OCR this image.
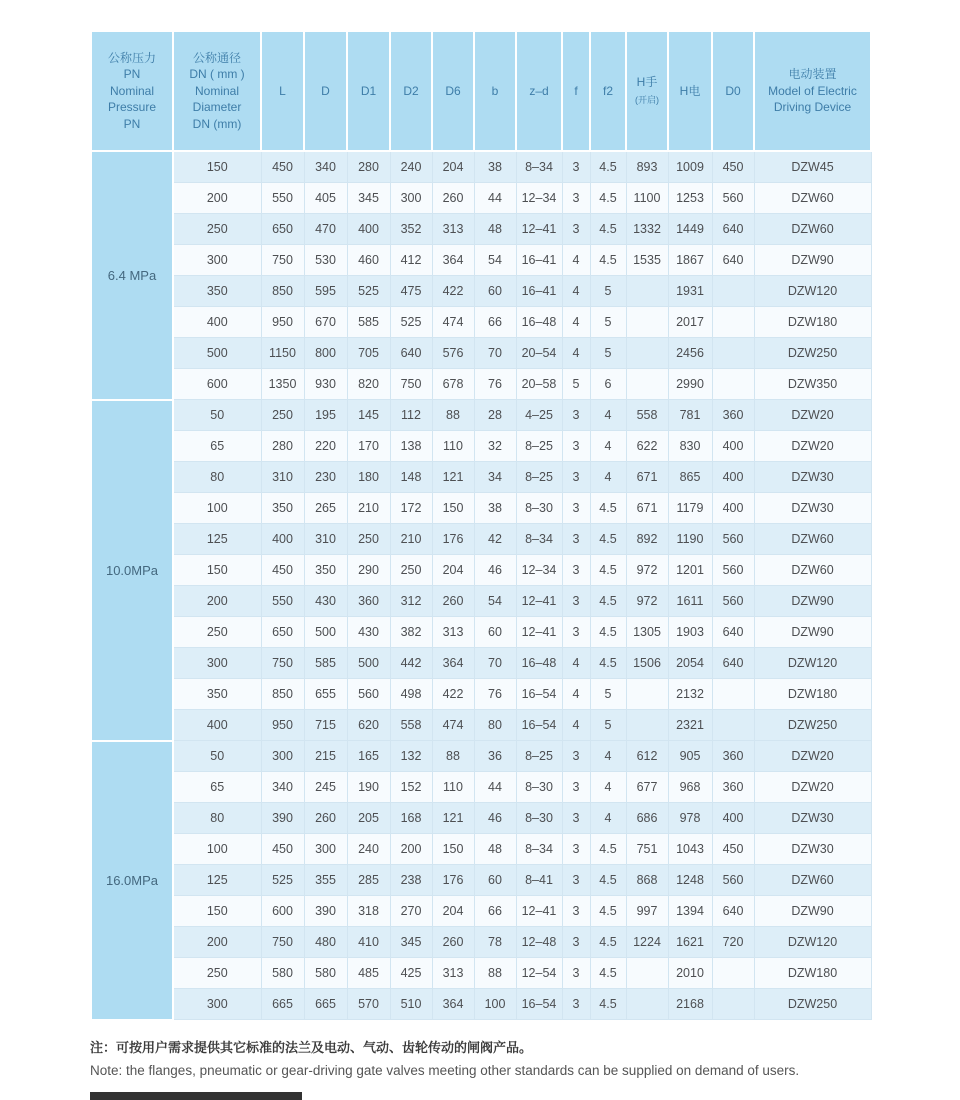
公称压力
PN
Nominal
Pressure
PN	公称通径
DN ( mm )
Nominal
Diameter
DN (mm)	L	D	D1	D2	D6	b	z–d	f	f2	H手
(开启)	H电	D0	电动装置
Model of Electric
Driving Device
6.4 MPa	150	450	340	280	240	204	38	8–34	3	4.5	893	1009	450	DZW45
	200	550	405	345	300	260	44	12–34	3	4.5	1100	1253	560	DZW60
	250	650	470	400	352	313	48	12–41	3	4.5	1332	1449	640	DZW60
	300	750	530	460	412	364	54	16–41	4	4.5	1535	1867	640	DZW90
	350	850	595	525	475	422	60	16–41	4	5		1931		DZW120
	400	950	670	585	525	474	66	16–48	4	5		2017		DZW180
	500	1150	800	705	640	576	70	20–54	4	5		2456		DZW250
	600	1350	930	820	750	678	76	20–58	5	6		2990		DZW350
10.0MPa	50	250	195	145	112	88	28	4–25	3	4	558	781	360	DZW20
	65	280	220	170	138	110	32	8–25	3	4	622	830	400	DZW20
	80	310	230	180	148	121	34	8–25	3	4	671	865	400	DZW30
	100	350	265	210	172	150	38	8–30	3	4.5	671	1179	400	DZW30
	125	400	310	250	210	176	42	8–34	3	4.5	892	1190	560	DZW60
	150	450	350	290	250	204	46	12–34	3	4.5	972	1201	560	DZW60
	200	550	430	360	312	260	54	12–41	3	4.5	972	1611	560	DZW90
	250	650	500	430	382	313	60	12–41	3	4.5	1305	1903	640	DZW90
	300	750	585	500	442	364	70	16–48	4	4.5	1506	2054	640	DZW120
	350	850	655	560	498	422	76	16–54	4	5		2132		DZW180
	400	950	715	620	558	474	80	16–54	4	5		2321		DZW250
16.0MPa	50	300	215	165	132	88	36	8–25	3	4	612	905	360	DZW20
	65	340	245	190	152	110	44	8–30	3	4	677	968	360	DZW20
	80	390	260	205	168	121	46	8–30	3	4	686	978	400	DZW30
	100	450	300	240	200	150	48	8–34	3	4.5	751	1043	450	DZW30
	125	525	355	285	238	176	60	8–41	3	4.5	868	1248	560	DZW60
	150	600	390	318	270	204	66	12–41	3	4.5	997	1394	640	DZW90
	200	750	480	410	345	260	78	12–48	3	4.5	1224	1621	720	DZW120
	250	580	580	485	425	313	88	12–54	3	4.5		2010		DZW180
	300	665	665	570	510	364	100	16–54	3	4.5		2168		DZW250

注：可按用户需求提供其它标准的法兰及电动、气动、齿轮传动的闸阀产品。

Note: the flanges, pneumatic or gear-driving gate valves meeting other standards can be supplied on demand of users.
